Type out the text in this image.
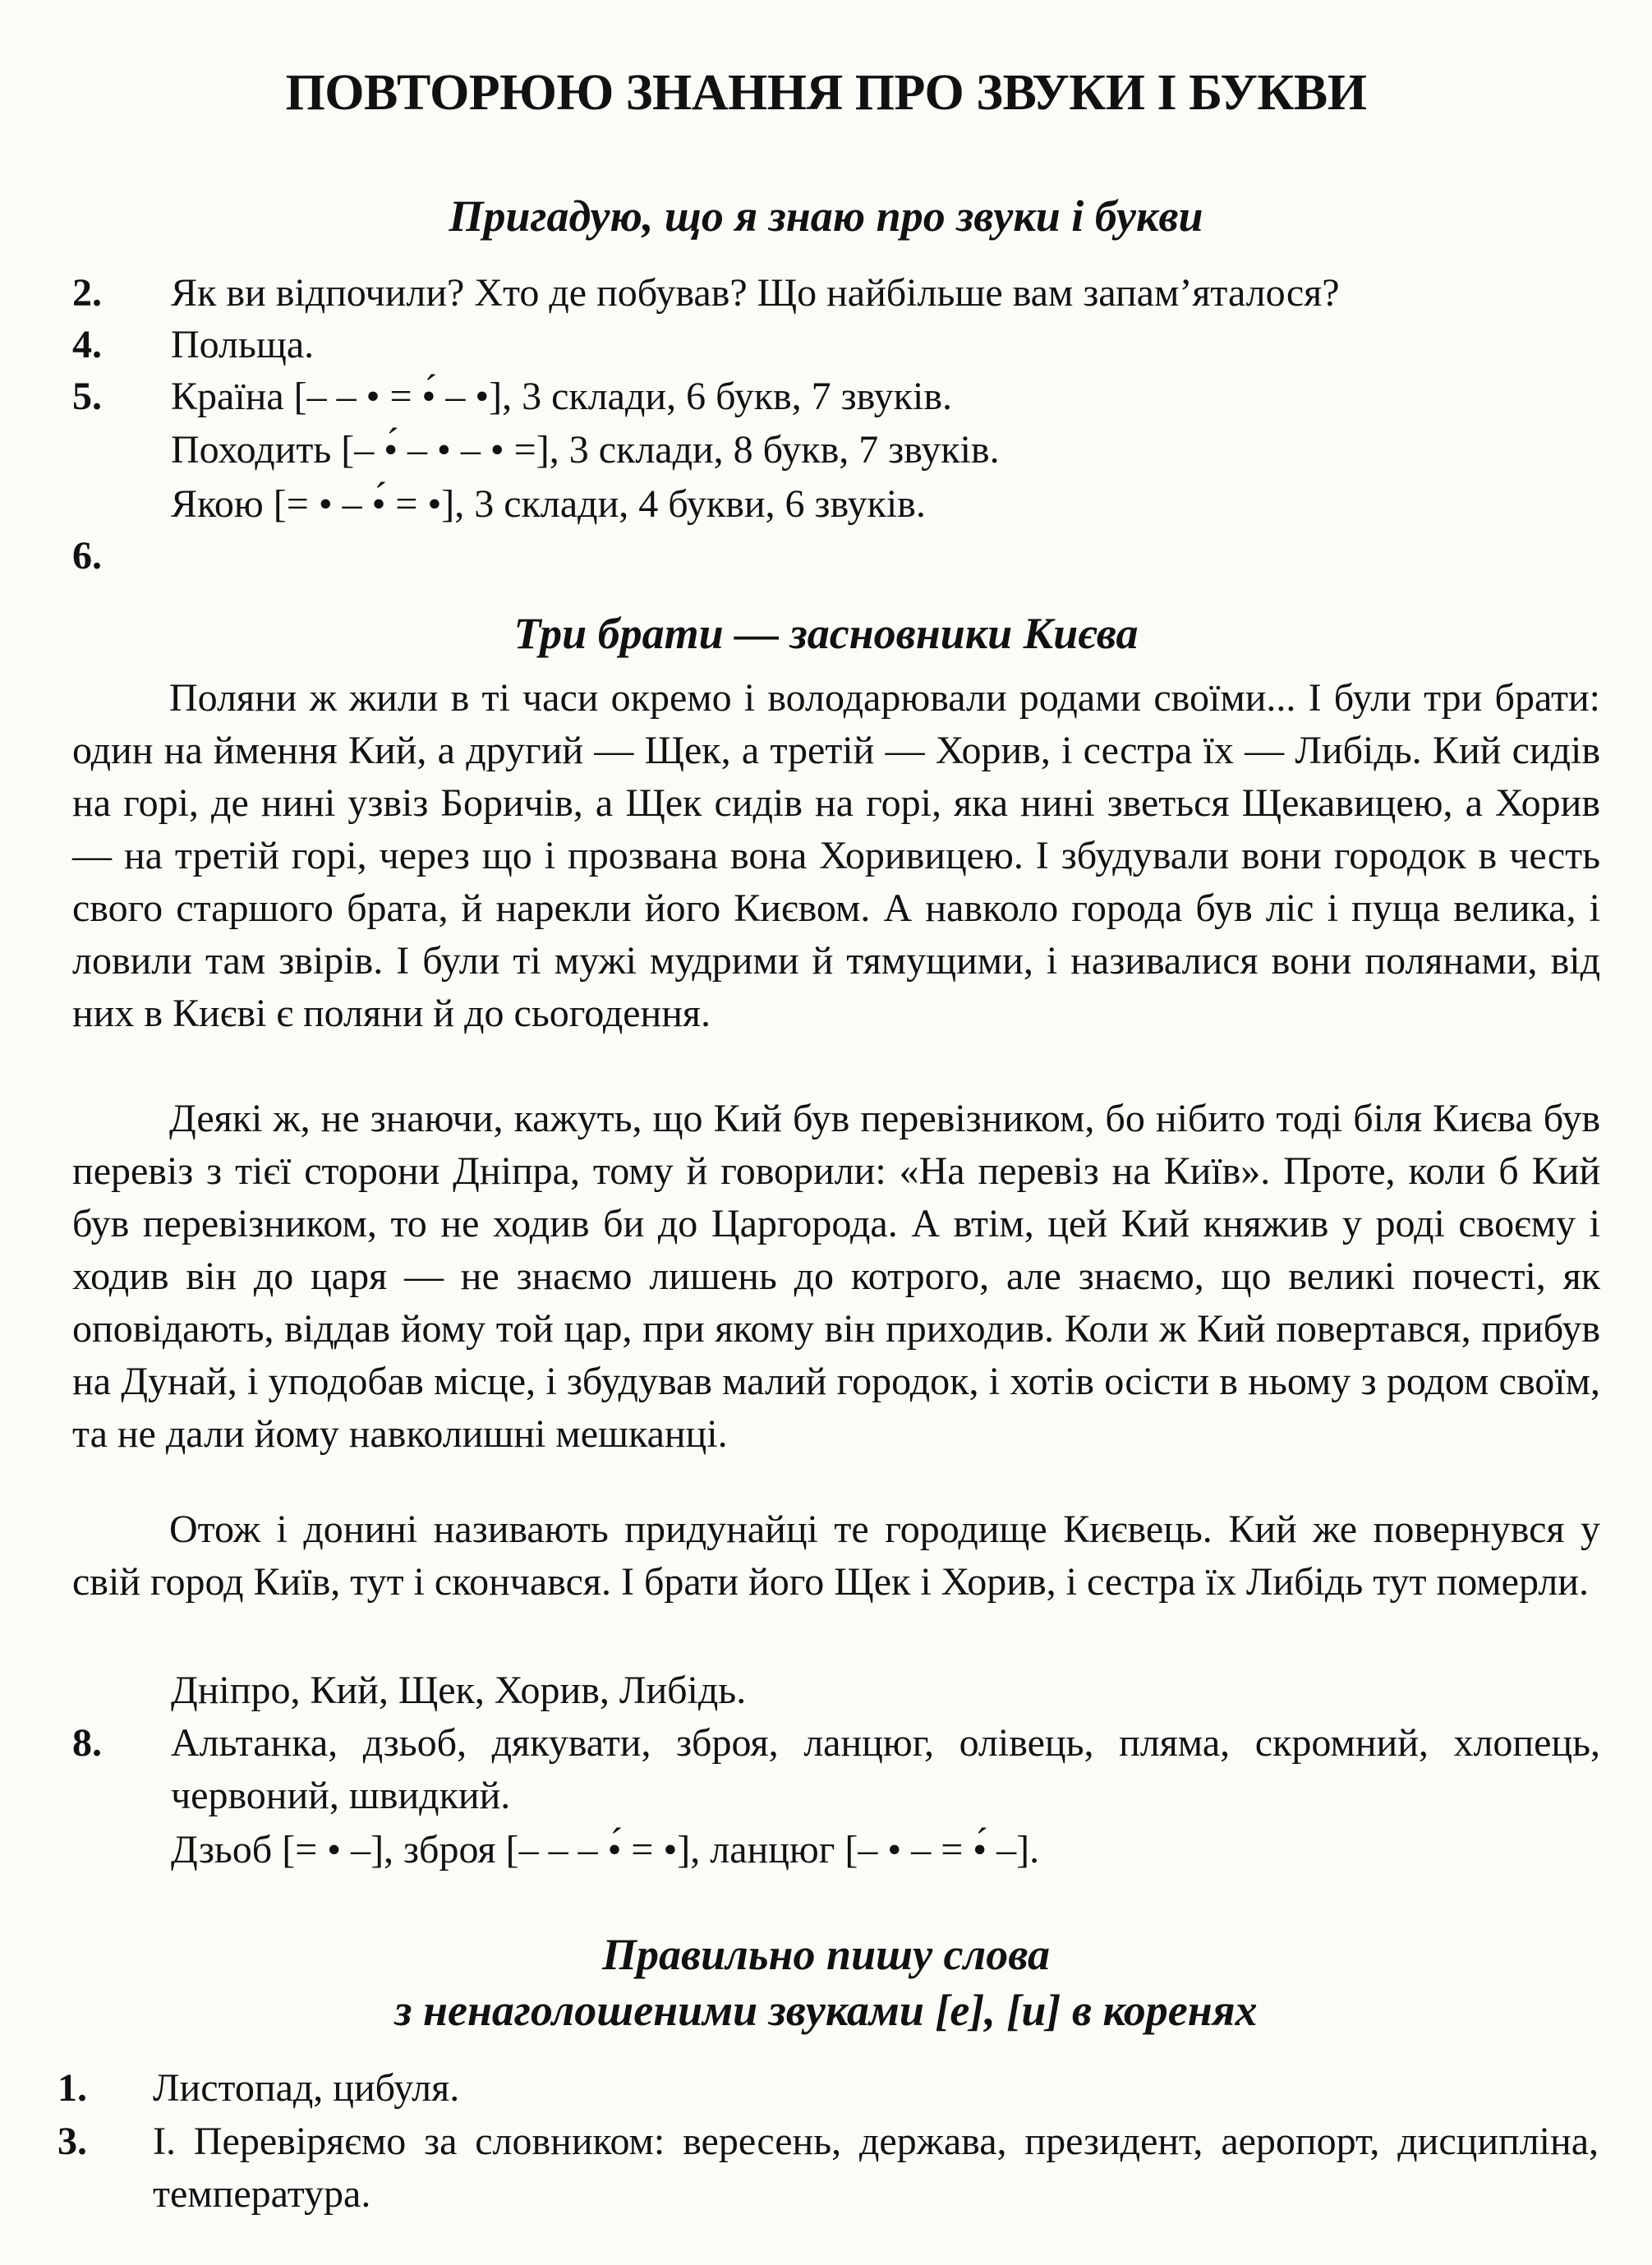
ПОВТОРЮЮ ЗНАННЯ ПРО ЗВУКИ І БУКВИ
Пригадую, що я знаю про звуки і букви
2. Як ви відпочили? Хто де побував? Що найбільше вам запам’яталося?
4. Польща.
5. Країна [– – • = •́ – •], 3 склади, 6 букв, 7 звуків.
Походить [– •́ – • – • =], 3 склади, 8 букв, 7 звуків.
Якою [= • – •́ = •], 3 склади, 4 букви, 6 звуків.
6.
Три брати — засновники Києва
Поляни ж жили в ті часи окремо і володарювали родами своїми... І були три брати: один на ймення Кий, а другий — Щек, а третій — Хорив, і сестра їх — Либідь. Кий сидів на горі, де нині узвіз Боричів, а Щек сидів на горі, яка нині зветься Щекавицею, а Хорив — на третій горі, через що і прозвана вона Хоривицею. І збудували вони городок в честь свого старшого брата, й нарекли його Києвом. А навколо города був ліс і пуща велика, і ловили там звірів. І були ті мужі мудрими й тямущими, і називалися вони полянами, від них в Києві є поляни й до сьогодення.
Деякі ж, не знаючи, кажуть, що Кий був перевізником, бо нібито тоді біля Києва був перевіз з тієї сторони Дніпра, тому й говорили: «На перевіз на Київ». Проте, коли б Кий був перевізником, то не ходив би до Царгорода. А втім, цей Кий княжив у роді своєму і ходив він до царя — не знаємо лишень до котрого, але знаємо, що великі почесті, як оповідають, віддав йому той цар, при якому він приходив. Коли ж Кий повертався, прибув на Дунай, і уподобав місце, і збудував малий городок, і хотів осісти в ньому з родом своїм, та не дали йому навколишні мешканці.
Отож і донині називають придунайці те городище Києвець. Кий же повернувся у свій город Київ, тут і скончався. І брати його Щек і Хорив, і сестра їх Либідь тут померли.
Дніпро, Кий, Щек, Хорив, Либідь.
8. Альтанка, дзьоб, дякувати, зброя, ланцюг, олівець, пляма, скромний, хлопець, червоний, швидкий.
Дзьоб [= • –], зброя [– – – •́ = •], ланцюг [– • – = •́ –].
Правильно пишу слова
з ненаголошеними звуками [е], [и] в коренях
1. Листопад, цибуля.
3. І. Перевіряємо за словником: вересень, держава, президент, аеропорт, дисципліна, температура.
